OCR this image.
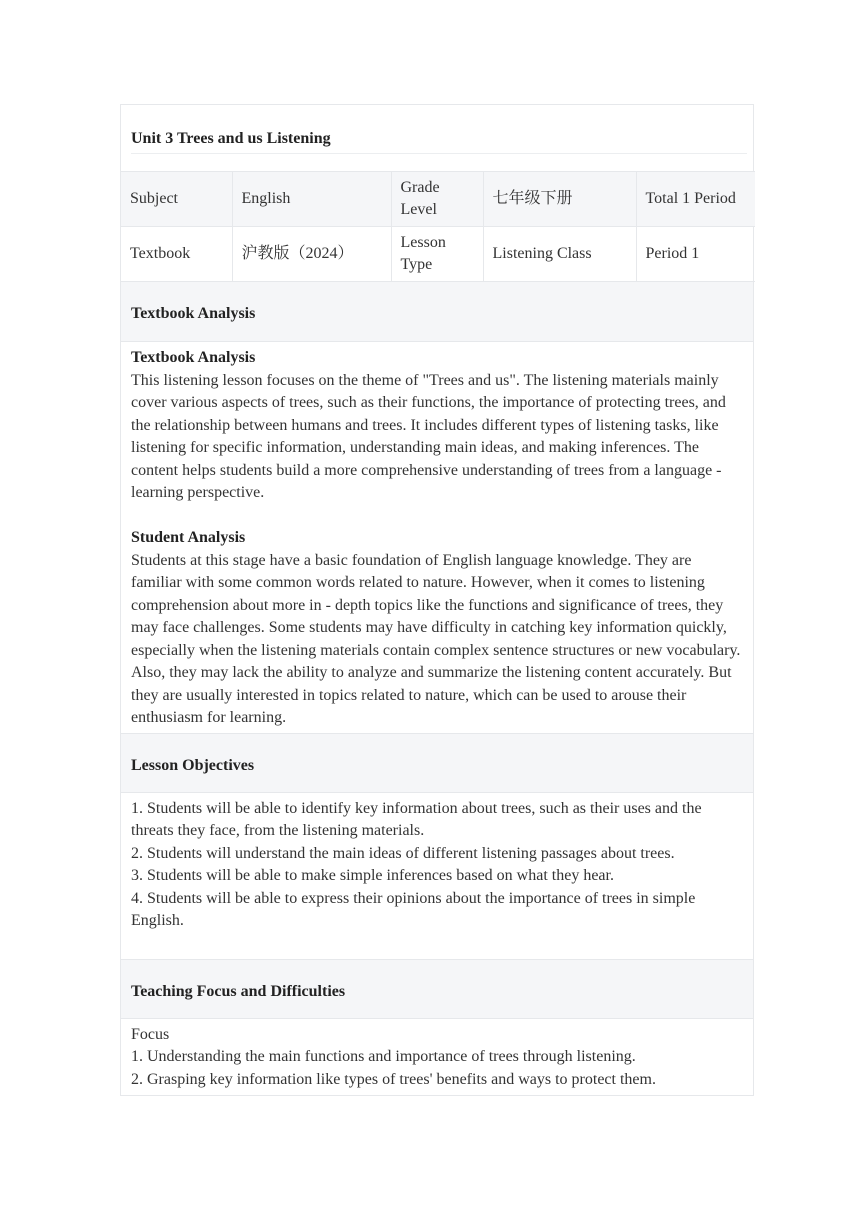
Unit 3 Trees and us Listening
Subject	English	Grade Level	七年级下册	Total 1 Period
Textbook	沪教版（2024）	Lesson Type	Listening Class	Period 1
Textbook Analysis
Textbook Analysis
This listening lesson focuses on the theme of "Trees and us". The listening materials mainly cover various aspects of trees, such as their functions, the importance of protecting trees, and the relationship between humans and trees. It includes different types of listening tasks, like listening for specific information, understanding main ideas, and making inferences. The content helps students build a more comprehensive understanding of trees from a language - learning perspective.
Student Analysis
Students at this stage have a basic foundation of English language knowledge. They are familiar with some common words related to nature. However, when it comes to listening comprehension about more in - depth topics like the functions and significance of trees, they may face challenges. Some students may have difficulty in catching key information quickly, especially when the listening materials contain complex sentence structures or new vocabulary. Also, they may lack the ability to analyze and summarize the listening content accurately. But they are usually interested in topics related to nature, which can be used to arouse their enthusiasm for learning.
Lesson Objectives
1. Students will be able to identify key information about trees, such as their uses and the threats they face, from the listening materials.
2. Students will understand the main ideas of different listening passages about trees.
3. Students will be able to make simple inferences based on what they hear.
4. Students will be able to express their opinions about the importance of trees in simple English.
Teaching Focus and Difficulties
Focus
1. Understanding the main functions and importance of trees through listening.
2. Grasping key information like types of trees' benefits and ways to protect them.
